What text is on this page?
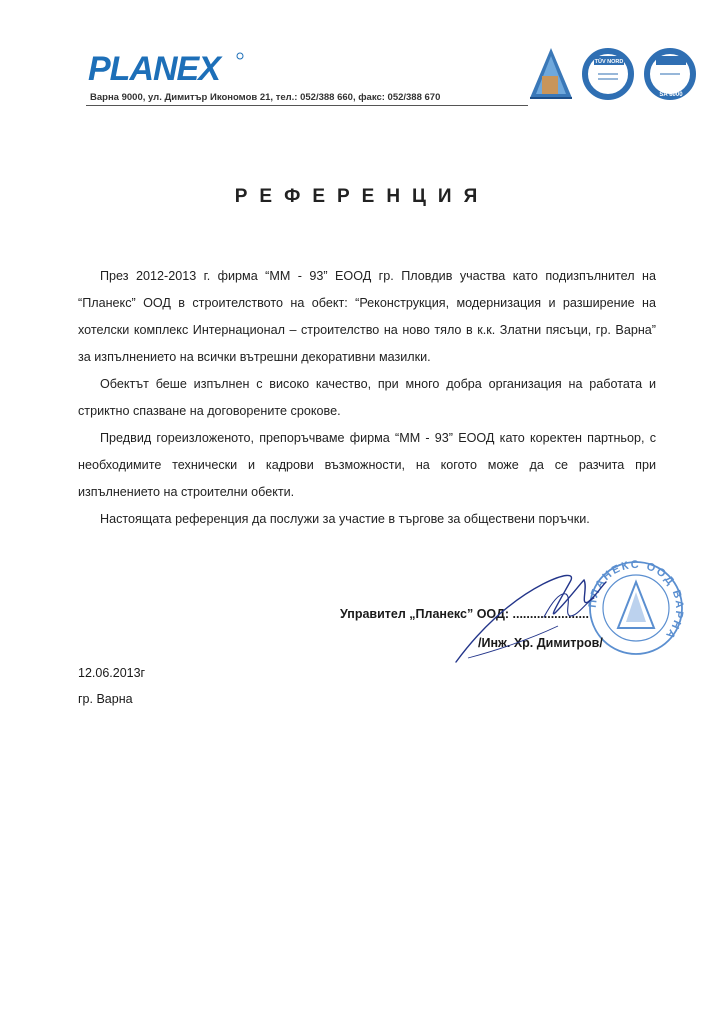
PLANEX
Варна 9000, ул. Димитър Икономов 21, тел.: 052/388 660, факс: 052/388 670
TÜV NORD
SA 8000
РЕФЕРЕНЦИЯ

През 2012-2013 г. фирма “ММ - 93” ЕООД гр. Пловдив участва като подизпълнител на “Планекс” ООД в строителството на обект: “Реконструкция, модернизация и разширение на хотелски комплекс Интернационал – строителство на ново тяло в к.к. Златни пясъци, гр. Варна” за изпълнението на всички вътрешни декоративни мазилки.

Обектът беше изпълнен с високо качество, при много добра организация на работата и стриктно спазване на договорените срокове.

Предвид гореизложеното, препоръчваме фирма “ММ - 93” ЕООД като коректен партньор, с необходимите технически и кадрови възможности, на когото може да се разчита при изпълнението на строителни обекти.

Настоящата референция да послужи за участие в търгове за обществени поръчки.

ПЛАНЕКС ООД ВАРНА
Управител „Планекс” ООД: ......................
/Инж. Хр. Димитров/
12.06.2013г
гр. Варна
